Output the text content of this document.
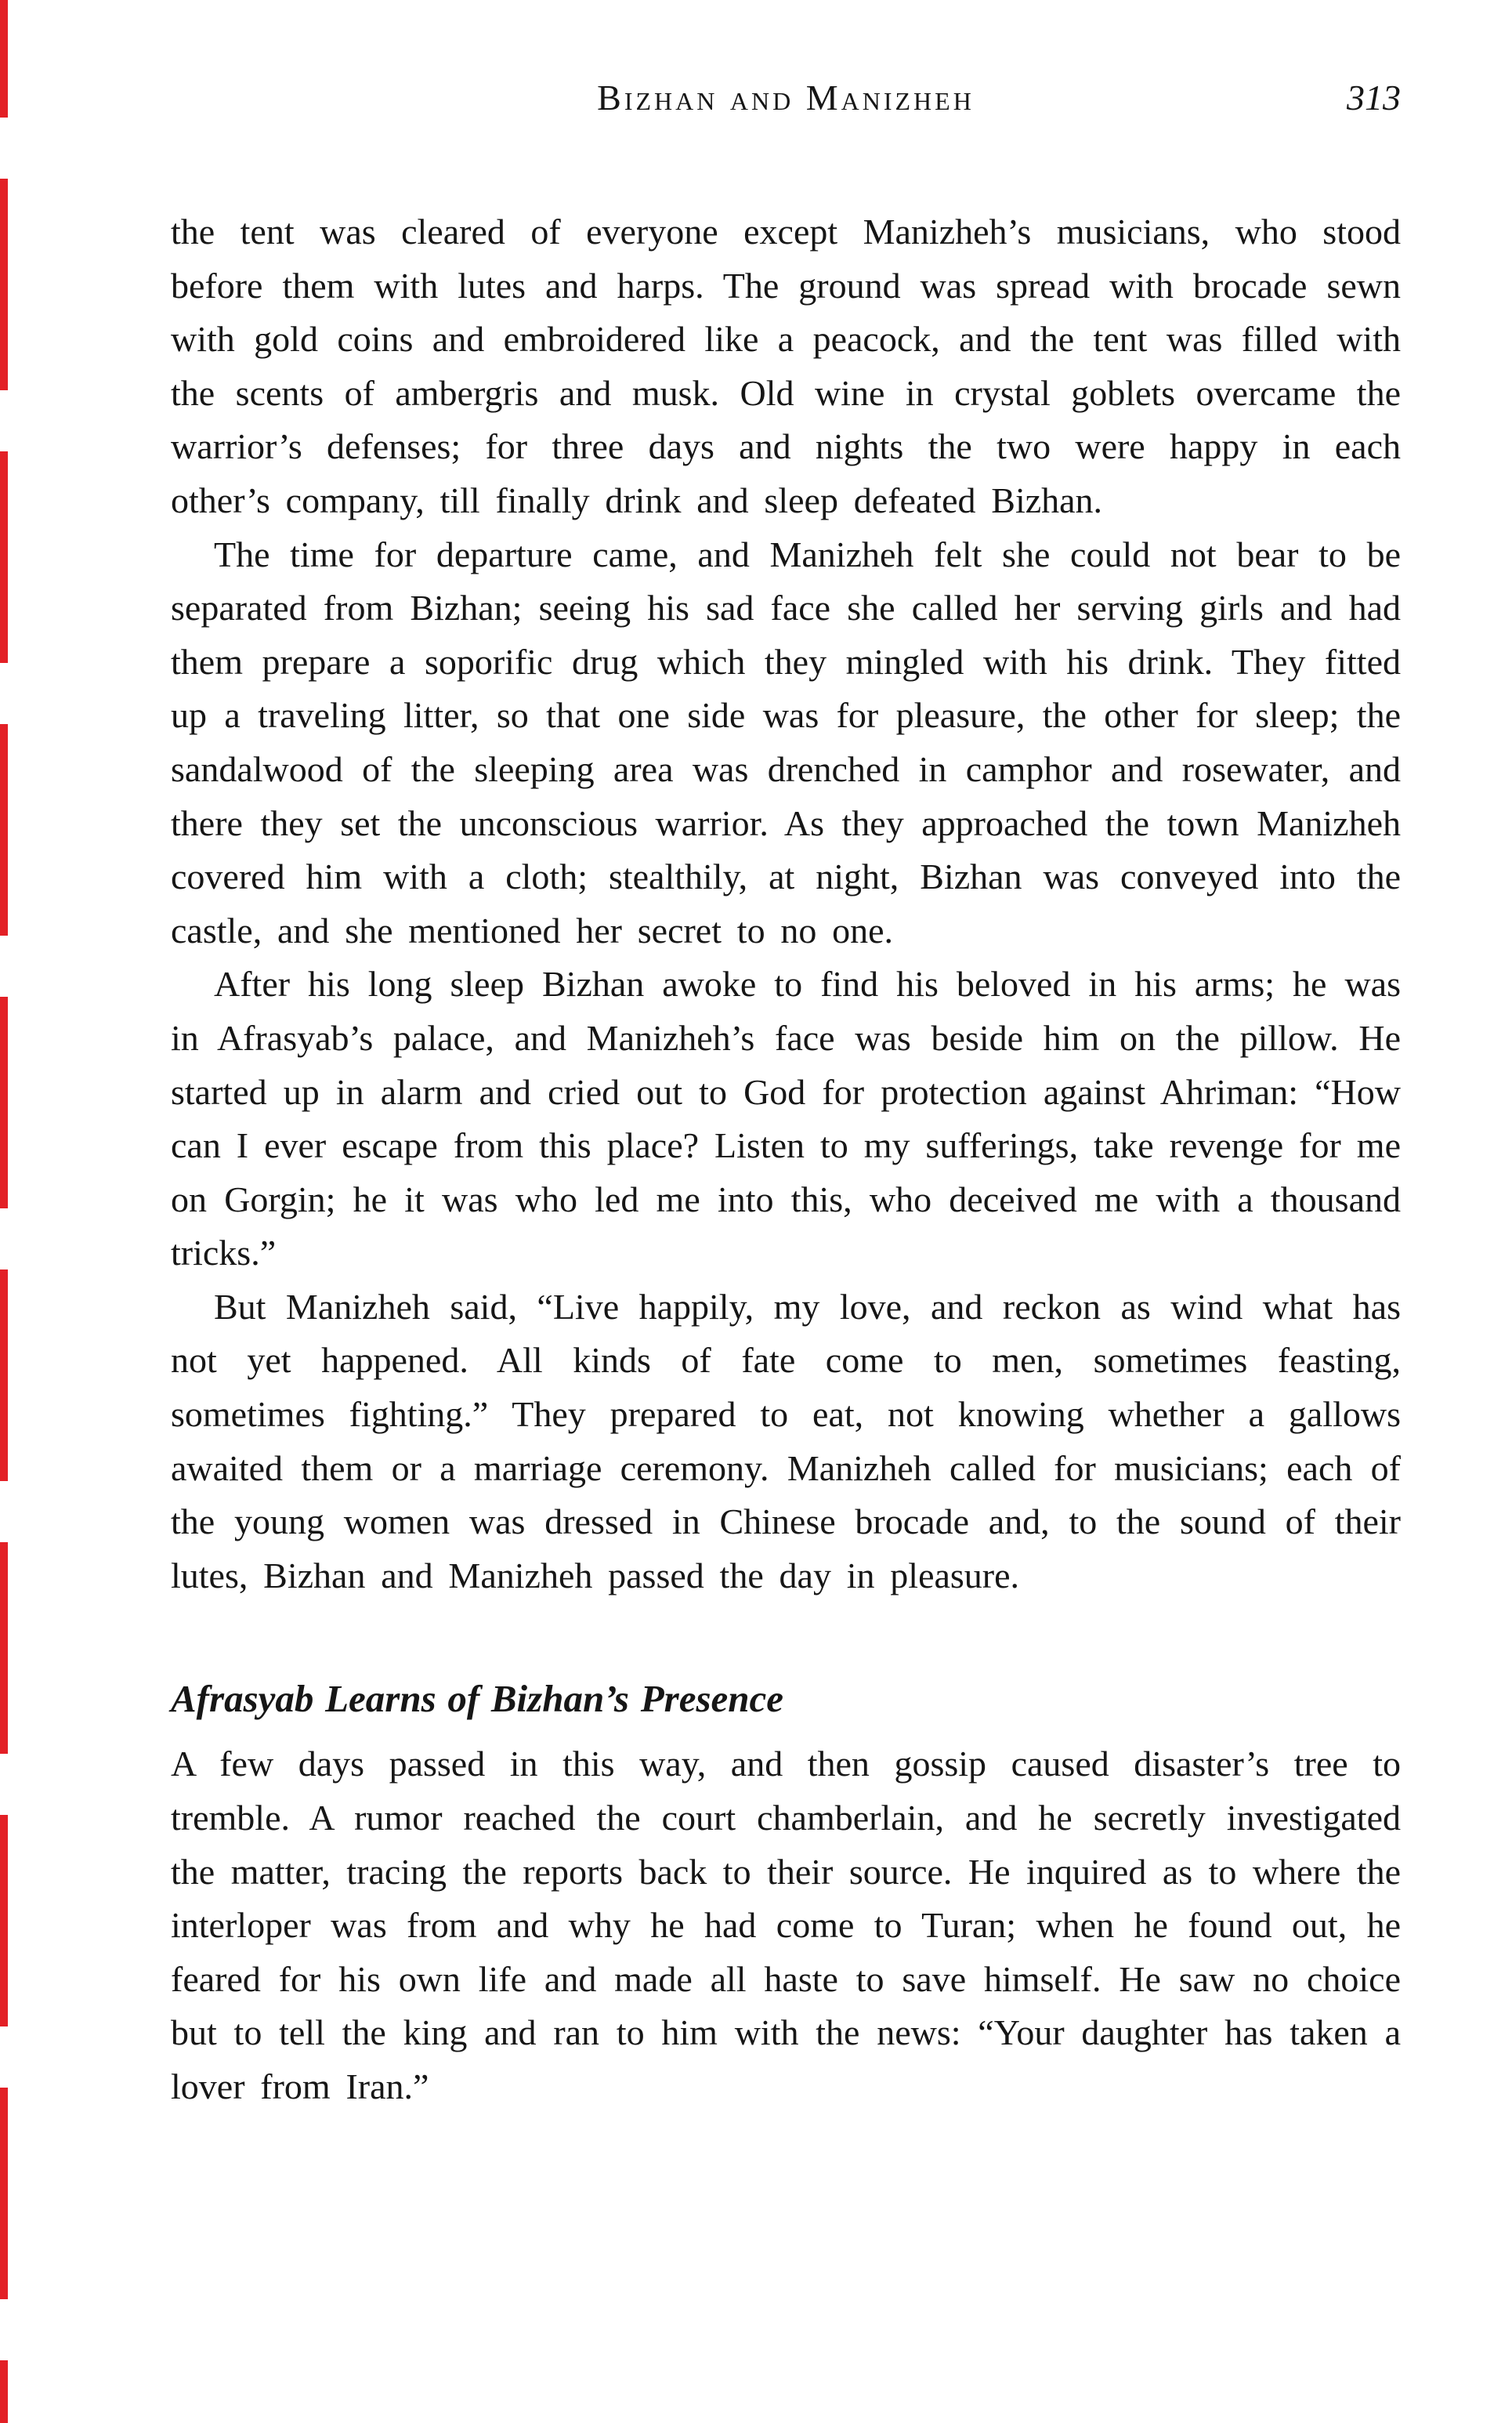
Bizhan and Manizheh	313

the tent was cleared of everyone except Manizheh’s musicians, who stood before them with lutes and harps. The ground was spread with brocade sewn with gold coins and embroidered like a peacock, and the tent was filled with the scents of ambergris and musk. Old wine in crystal goblets overcame the warrior’s defenses; for three days and nights the two were happy in each other’s company, till finally drink and sleep defeated Bizhan.

The time for departure came, and Manizheh felt she could not bear to be separated from Bizhan; seeing his sad face she called her serving girls and had them prepare a soporific drug which they mingled with his drink. They fitted up a traveling litter, so that one side was for pleasure, the other for sleep; the sandalwood of the sleeping area was drenched in camphor and rosewater, and there they set the unconscious warrior. As they approached the town Manizheh covered him with a cloth; stealthily, at night, Bizhan was conveyed into the castle, and she mentioned her secret to no one.

After his long sleep Bizhan awoke to find his beloved in his arms; he was in Afrasyab’s palace, and Manizheh’s face was beside him on the pillow. He started up in alarm and cried out to God for protection against Ahriman: “How can I ever escape from this place? Listen to my sufferings, take revenge for me on Gorgin; he it was who led me into this, who deceived me with a thousand tricks.”

But Manizheh said, “Live happily, my love, and reckon as wind what has not yet happened. All kinds of fate come to men, sometimes feasting, sometimes fighting.” They prepared to eat, not knowing whether a gallows awaited them or a marriage ceremony. Manizheh called for musicians; each of the young women was dressed in Chinese brocade and, to the sound of their lutes, Bizhan and Manizheh passed the day in pleasure.

Afrasyab Learns of Bizhan’s Presence

A few days passed in this way, and then gossip caused disaster’s tree to tremble. A rumor reached the court chamberlain, and he secretly investigated the matter, tracing the reports back to their source. He inquired as to where the interloper was from and why he had come to Turan; when he found out, he feared for his own life and made all haste to save himself. He saw no choice but to tell the king and ran to him with the news: “Your daughter has taken a lover from Iran.”
